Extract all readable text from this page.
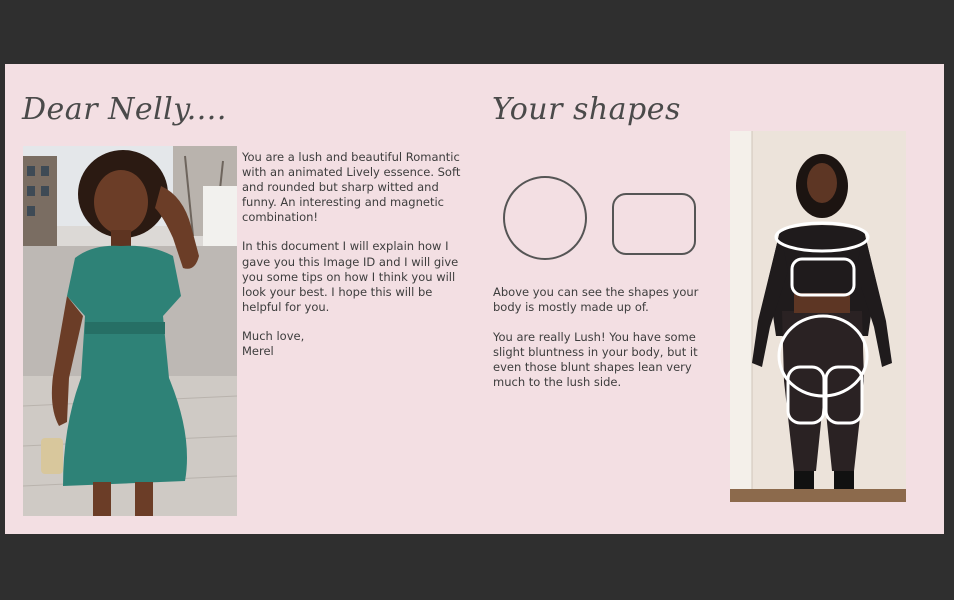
Dear Nelly....

You are a lush and beautiful Romantic with an animated Lively essence. Soft and rounded but sharp witted and funny. An interesting and magnetic combination!

In this document I will explain how I gave you this Image ID and I will give you some tips on how I think you will look your best. I hope this will be helpful for you.

Much love, Merel

Your shapes

Above you can see the shapes your body is mostly made up of.

You are really Lush! You have some slight bluntness in your body, but it even those blunt shapes lean very much to the lush side.
